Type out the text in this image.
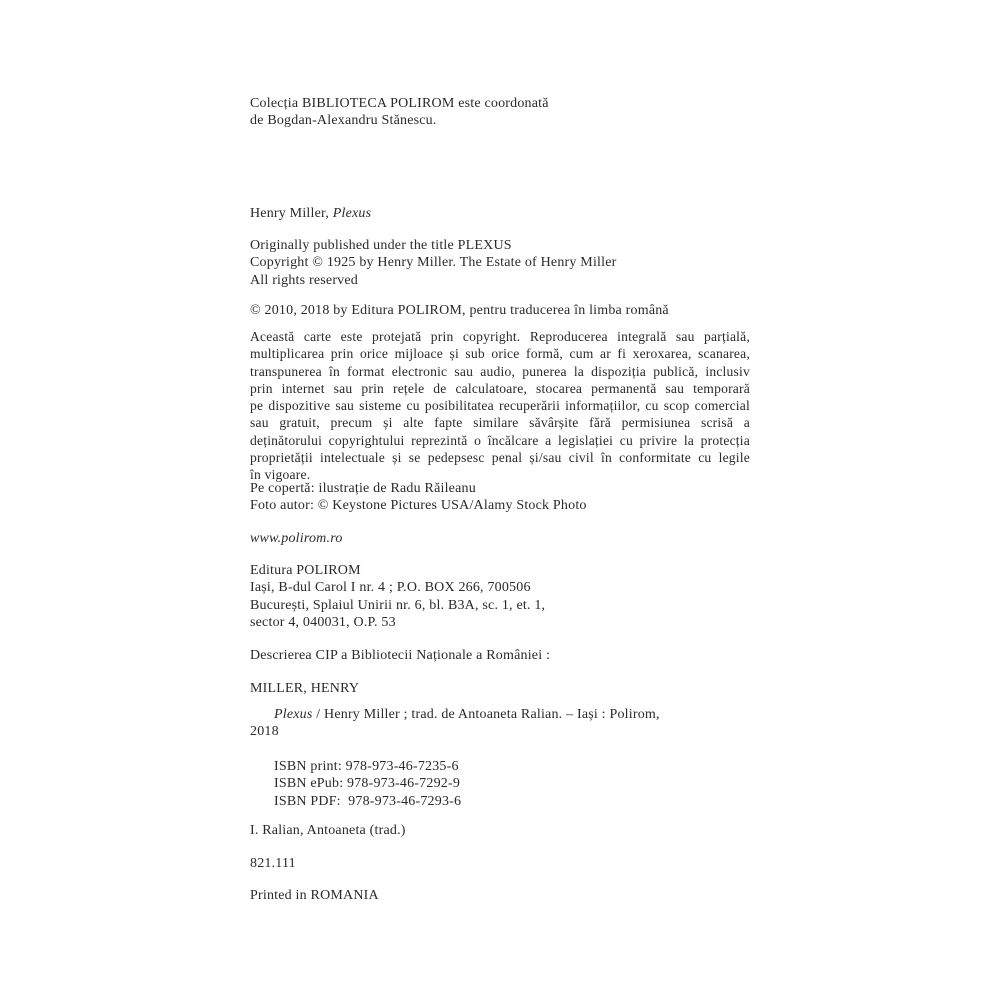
Colecția BIBLIOTECA POLIROM este coordonată
de Bogdan-Alexandru Stănescu.
Henry Miller, Plexus
Originally published under the title PLEXUS
Copyright © 1925 by Henry Miller. The Estate of Henry Miller
All rights reserved
© 2010, 2018 by Editura POLIROM, pentru traducerea în limba română
Această carte este protejată prin copyright. Reproducerea integrală sau parțială,
multiplicarea prin orice mijloace și sub orice formă, cum ar fi xeroxarea, scanarea,
transpunerea în format electronic sau audio, punerea la dispoziția publică, inclusiv
prin internet sau prin rețele de calculatoare, stocarea permanentă sau temporară
pe dispozitive sau sisteme cu posibilitatea recuperării informațiilor, cu scop comercial
sau gratuit, precum și alte fapte similare săvârșite fără permisiunea scrisă a
deținătorului copyrightului reprezintă o încălcare a legislației cu privire la protecția
proprietății intelectuale și se pedepsesc penal și/sau civil în conformitate cu legile
în vigoare.
Pe copertă: ilustrație de Radu Răileanu
Foto autor: © Keystone Pictures USA/Alamy Stock Photo
www.polirom.ro
Editura POLIROM
Iași, B-dul Carol I nr. 4 ; P.O. BOX 266, 700506
București, Splaiul Unirii nr. 6, bl. B3A, sc. 1, et. 1,
sector 4, 040031, O.P. 53
Descrierea CIP a Bibliotecii Naționale a României :
MILLER, HENRY
Plexus / Henry Miller ; trad. de Antoaneta Ralian. – Iași : Polirom,
2018
ISBN print: 978-973-46-7235-6
ISBN ePub: 978-973-46-7292-9
ISBN PDF:  978-973-46-7293-6
I. Ralian, Antoaneta (trad.)
821.111
Printed in ROMANIA
